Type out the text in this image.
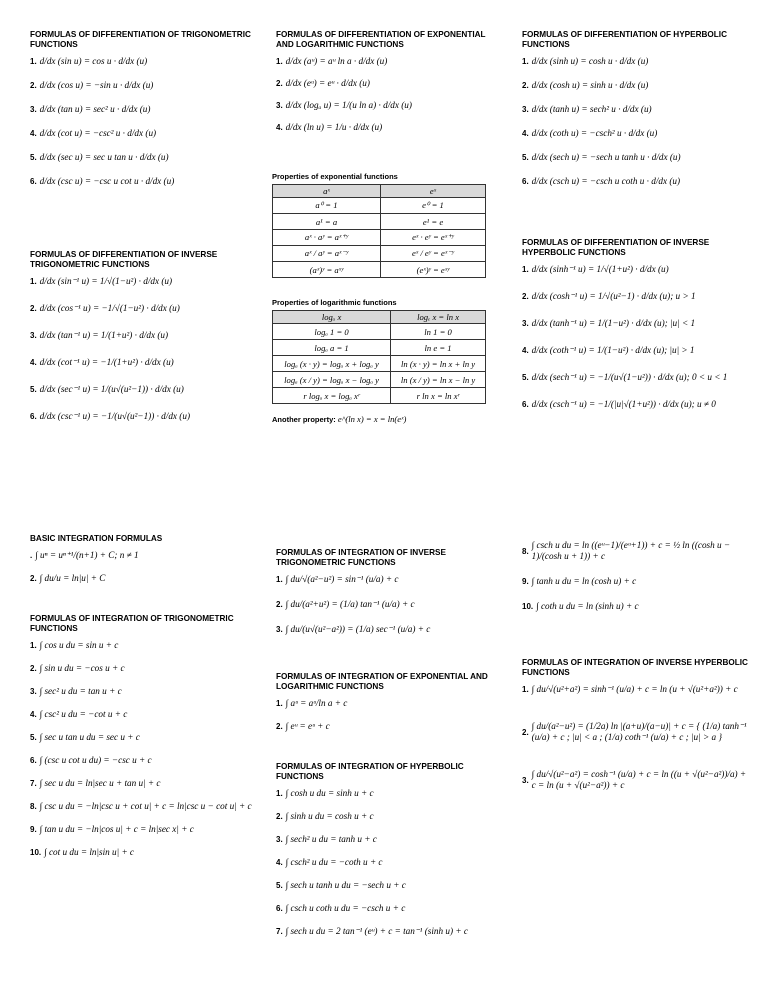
FORMULAS OF DIFFERENTIATION OF TRIGONOMETRIC FUNCTIONS
1. d/dx (sin u) = cos u · d/dx (u)
2. d/dx (cos u) = −sin u · d/dx (u)
3. d/dx (tan u) = sec² u · d/dx (u)
4. d/dx (cot u) = −csc² u · d/dx (u)
5. d/dx (sec u) = sec u tan u · d/dx (u)
6. d/dx (csc u) = −csc u cot u · d/dx (u)
FORMULAS OF DIFFERENTIATION OF INVERSE TRIGONOMETRIC FUNCTIONS
1. d/dx (sin⁻¹ u) = 1/√(1−u²) · d/dx (u)
2. d/dx (cos⁻¹ u) = −1/√(1−u²) · d/dx (u)
3. d/dx (tan⁻¹ u) = 1/(1+u²) · d/dx (u)
4. d/dx (cot⁻¹ u) = −1/(1+u²) · d/dx (u)
5. d/dx (sec⁻¹ u) = 1/(u√(u²−1)) · d/dx (u)
6. d/dx (csc⁻¹ u) = −1/(u√(u²−1)) · d/dx (u)
FORMULAS OF DIFFERENTIATION OF EXPONENTIAL AND LOGARITHMIC FUNCTIONS
1. d/dx (aᵘ) = aᵘ ln a · d/dx (u)
2. d/dx (eᵘ) = eᵘ · d/dx (u)
3. d/dx (logₐ u) = 1/(u ln a) · d/dx (u)
4. d/dx (ln u) = 1/u · d/dx (u)
Properties of exponential functions
aˣ	eˣ
a⁰ = 1	e⁰ = 1
a¹ = a	e¹ = e
aˣ · aʸ = aˣ⁺ʸ	eˣ · eʸ = eˣ⁺ʸ
aˣ / aʸ = aˣ⁻ʸ	eˣ / eʸ = eˣ⁻ʸ
(aˣ)ʸ = aˣʸ	(eˣ)ʸ = eˣʸ
Properties of logarithmic functions
logₐ x	logₑ x = ln x
logₐ 1 = 0	ln 1 = 0
logₐ a = 1	ln e = 1
logₐ (x · y) = logₐ x + logₐ y	ln (x · y) = ln x + ln y
logₐ (x / y) = logₐ x − logₐ y	ln (x / y) = ln x − ln y
r logₐ x = logₐ xʳ	r ln x = ln xʳ
Another property: e^(ln x) = x = ln(eˣ)
FORMULAS OF DIFFERENTIATION OF HYPERBOLIC FUNCTIONS
1. d/dx (sinh u) = cosh u · d/dx (u)
2. d/dx (cosh u) = sinh u · d/dx (u)
3. d/dx (tanh u) = sech² u · d/dx (u)
4. d/dx (coth u) = −csch² u · d/dx (u)
5. d/dx (sech u) = −sech u tanh u · d/dx (u)
6. d/dx (csch u) = −csch u coth u · d/dx (u)
FORMULAS OF DIFFERENTIATION OF INVERSE HYPERBOLIC FUNCTIONS
1. d/dx (sinh⁻¹ u) = 1/√(1+u²) · d/dx (u)
2. d/dx (cosh⁻¹ u) = 1/√(u²−1) · d/dx (u); u > 1
3. d/dx (tanh⁻¹ u) = 1/(1−u²) · d/dx (u); |u| < 1
4. d/dx (coth⁻¹ u) = 1/(1−u²) · d/dx (u); |u| > 1
5. d/dx (sech⁻¹ u) = −1/(u√(1−u²)) · d/dx (u); 0 < u < 1
6. d/dx (csch⁻¹ u) = −1/(|u|√(1+u²)) · d/dx (u); u ≠ 0
BASIC INTEGRATION FORMULAS
. ∫ uⁿ = uⁿ⁺¹/(n+1) + C; n ≠ 1
2. ∫ du/u = ln|u| + C
FORMULAS OF INTEGRATION OF TRIGONOMETRIC FUNCTIONS
1. ∫ cos u du = sin u + c
2. ∫ sin u du = −cos u + c
3. ∫ sec² u du = tan u + c
4. ∫ csc² u du = −cot u + c
5. ∫ sec u tan u du = sec u + c
6. ∫ (csc u cot u du) = −csc u + c
7. ∫ sec u du = ln|sec u + tan u| + c
8. ∫ csc u du = −ln|csc u + cot u| + c = ln|csc u − cot u| + c
9. ∫ tan u du = −ln|cos u| + c = ln|sec x| + c
10. ∫ cot u du = ln|sin u| + c
FORMULAS OF INTEGRATION OF INVERSE TRIGONOMETRIC FUNCTIONS
1. ∫ du/√(a²−u²) = sin⁻¹ (u/a) + c
2. ∫ du/(a²+u²) = (1/a) tan⁻¹ (u/a) + c
3. ∫ du/(u√(u²−a²)) = (1/a) sec⁻¹ (u/a) + c
FORMULAS OF INTEGRATION OF EXPONENTIAL AND LOGARITHMIC FUNCTIONS
1. ∫ aᵘ = aᵘ/ln a + c
2. ∫ eᵘ = eᵘ + c
FORMULAS OF INTEGRATION OF HYPERBOLIC FUNCTIONS
1. ∫ cosh u du = sinh u + c
2. ∫ sinh u du = cosh u + c
3. ∫ sech² u du = tanh u + c
4. ∫ csch² u du = −coth u + c
5. ∫ sech u tanh u du = −sech u + c
6. ∫ csch u coth u du = −csch u + c
7. ∫ sech u du = 2 tan⁻¹ (eᵘ) + c = tan⁻¹ (sinh u) + c
8.
∫ csch u du = ln ((eᵘ−1)/(eᵘ+1)) + c = ½ ln ((cosh u − 1)/(cosh u + 1)) + c
9. ∫ tanh u du = ln (cosh u) + c
10. ∫ coth u du = ln (sinh u) + c
FORMULAS OF INTEGRATION OF INVERSE HYPERBOLIC FUNCTIONS
1. ∫ du/√(u²+a²) = sinh⁻¹ (u/a) + c = ln (u + √(u²+a²)) + c
2.
∫ du/(a²−u²) = (1/2a) ln |(a+u)/(a−u)| + c = { (1/a) tanh⁻¹ (u/a) + c ; |u| < a ; (1/a) coth⁻¹ (u/a) + c ; |u| > a }
3.
∫ du/√(u²−a²) = cosh⁻¹ (u/a) + c = ln ((u + √(u²−a²))/a) + c = ln (u + √(u²−a²)) + c
